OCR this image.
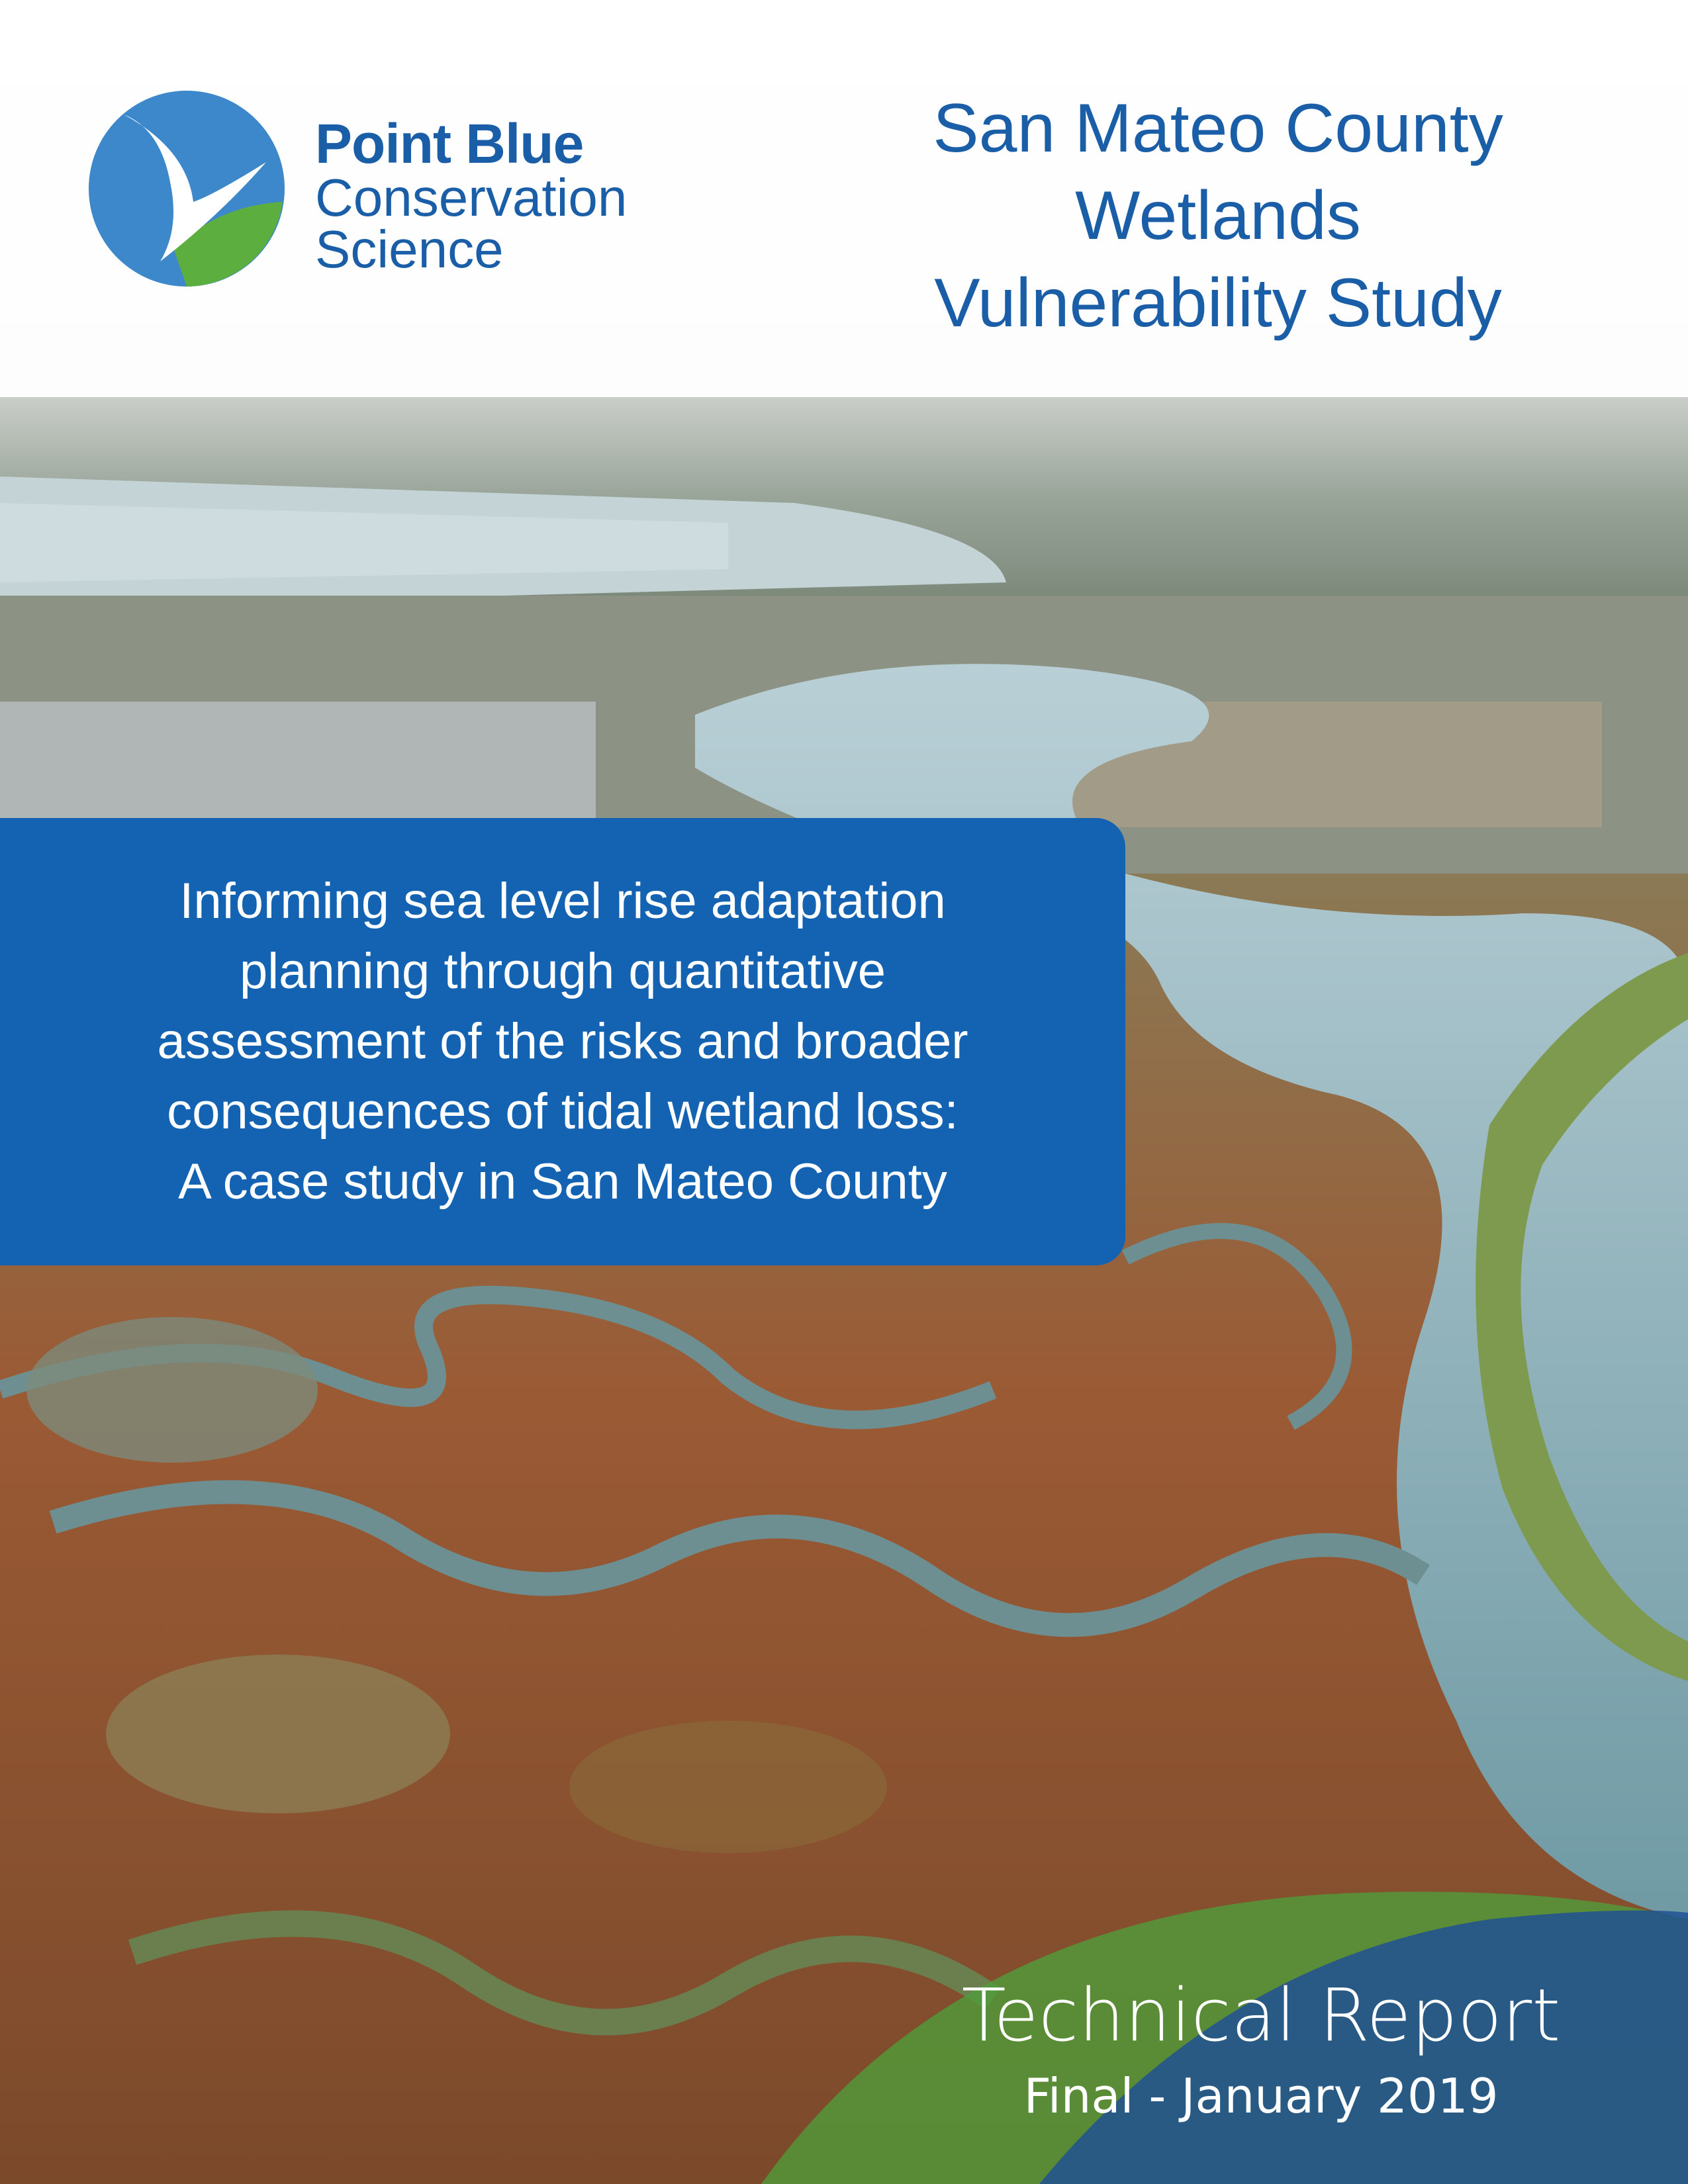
Point Blue
Conservation
Science
San Mateo County
Wetlands
Vulnerability Study
Informing sea level rise adaptation
planning through quantitative
assessment of the risks and broader
consequences of tidal wetland loss:
A case study in San Mateo County
Technical Report
Final - January 2019
